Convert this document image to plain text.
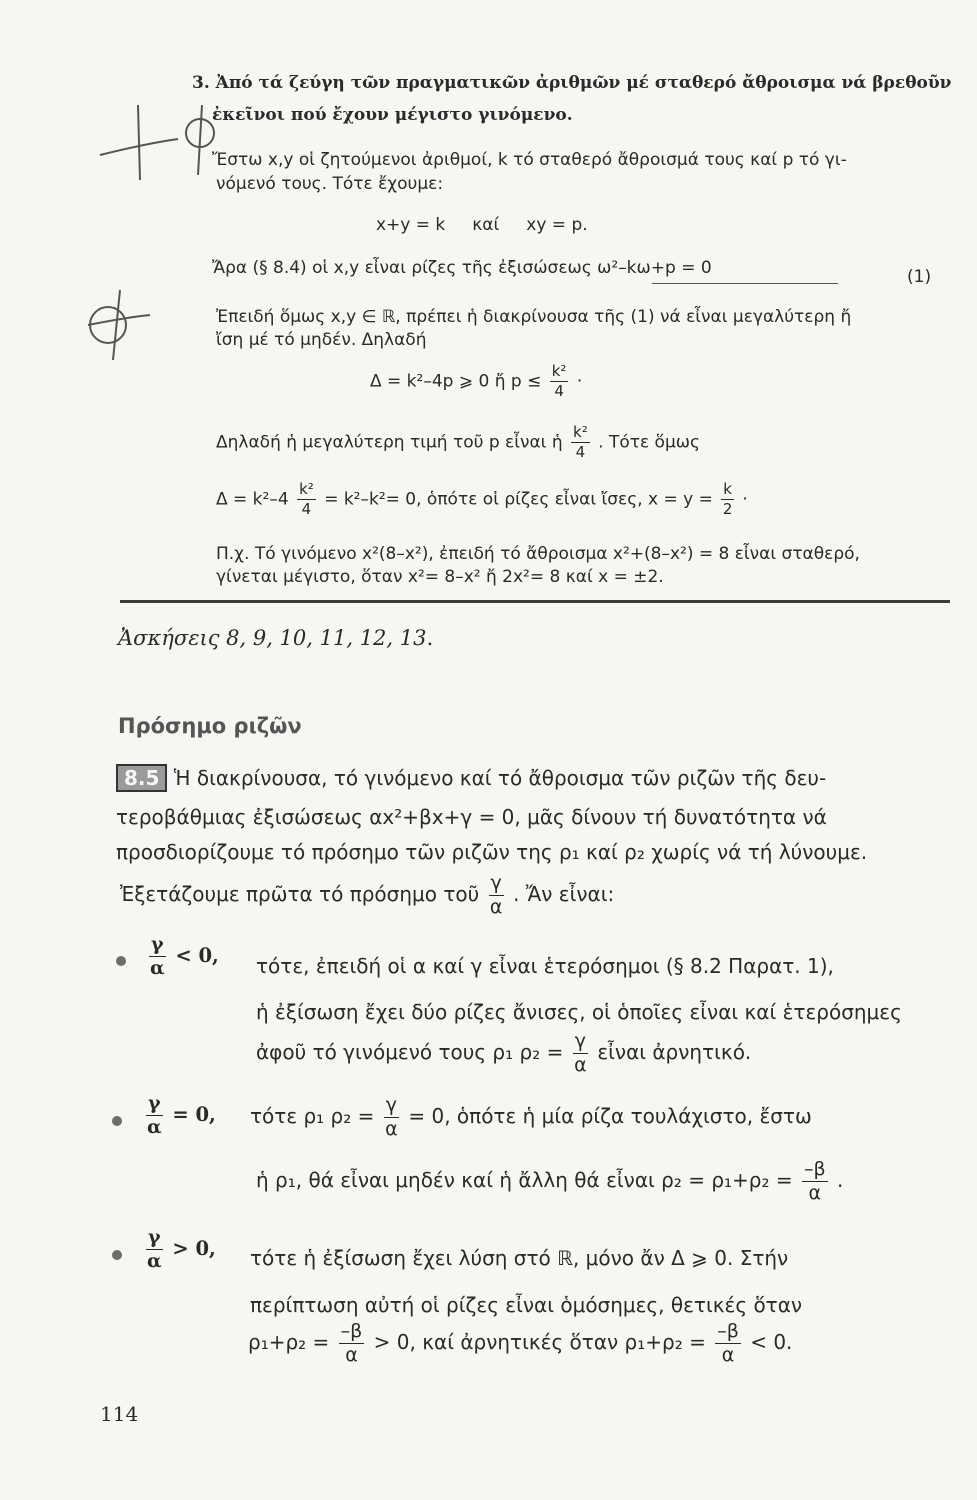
3. Ἀπό τά ζεύγη τῶν πραγματικῶν ἀριθμῶν μέ σταθερό ἄθροισμα νά βρεθοῦν
ἐκεῖνοι πού ἔχουν μέγιστο γινόμενο.
Ἔστω x,y οἱ ζητούμενοι ἀριθμοί, k τό σταθερό ἄθροισμά τους καί p τό γι-
νόμενό τους. Τότε ἔχουμε:
x+y = k     καί     xy = p.
Ἄρα (§ 8.4) οἱ x,y εἶναι ρίζες τῆς ἐξισώσεως ω²–kω+p = 0	(1)
Ἐπειδή ὅμως x,y ∈ ℝ, πρέπει ἡ διακρίνουσα τῆς (1) νά εἶναι μεγαλύτερη ἤ
ἴση μέ τό μηδέν. Δηλαδή
Δ = k²–4p ⩾ 0 ἤ $p \le \frac{\text{k²}}{4}$ ·
Δηλαδή ἡ μεγαλύτερη τιμή τοῦ p εἶναι ἡ $\frac{\text{k²}}{4}$ . Τότε ὅμως
$\Delta = k^2-4 \frac{\text{k²}}{4} = k^2-k^2= 0$, ὁπότε οἱ ρίζες εἶναι ἴσες, $x = y = \frac{k}{2}$ ·
Π.χ. Τό γινόμενο x²(8–x²), ἐπειδή τό ἄθροισμα x²+(8–x²) = 8 εἶναι σταθερό,
γίνεται μέγιστο, ὅταν x²= 8–x² ἤ 2x²= 8 καί x = ±2.
Ἀσκήσεις 8, 9, 10, 11, 12, 13.
Πρόσημο ριζῶν
8.5 Ἡ διακρίνουσα, τό γινόμενο καί τό ἄθροισμα τῶν ριζῶν τῆς δευ-
τεροβάθμιας ἐξισώσεως αx²+βx+γ = 0, μᾶς δίνουν τή δυνατότητα νά
προσδιορίζουμε τό πρόσημο τῶν ριζῶν της ρ₁ καί ρ₂ χωρίς νά τή λύνουμε.
Ἐξετάζουμε πρῶτα τό πρόσημο τοῦ $\frac{\gamma}{\alpha}$ . Ἄν εἶναι:
$\frac{\gamma}{\alpha} < 0$, τότε, ἐπειδή οἱ α καί γ εἶναι ἑτερόσημοι (§ 8.2 Παρατ. 1),
ἡ ἐξίσωση ἔχει δύο ρίζες ἄνισες, οἱ ὁποῖες εἶναι καί ἑτερόσημες
ἀφοῦ τό γινόμενό τους ρ₁ $\rho_2 = \frac{\gamma}{\alpha}$ εἶναι ἀρνητικό.
$\frac{\gamma}{\alpha} = 0$, τότε ρ₁ $\rho_2 = \frac{\gamma}{\alpha} = 0$, ὁπότε ἡ μία ρίζα τουλάχιστο, ἔστω
ἡ ρ₁, θά εἶναι μηδέν καί ἡ ἄλλη θά εἶναι $\rho_2 = \rho_1+\rho_2 = \frac{-\beta}{\alpha}$ .
$\frac{\gamma}{\alpha} > 0$, τότε ἡ ἐξίσωση ἔχει λύση στό ℝ, μόνο ἄν Δ ⩾ 0. Στήν
περίπτωση αὐτή οἱ ρίζες εἶναι ὁμόσημες, θετικές ὅταν
$\rho_1+\rho_2 = \frac{-\beta}{\alpha} > 0$, καί ἀρνητικές ὅταν $\rho_1+\rho_2 = \frac{-\beta}{\alpha} < 0$.
114
